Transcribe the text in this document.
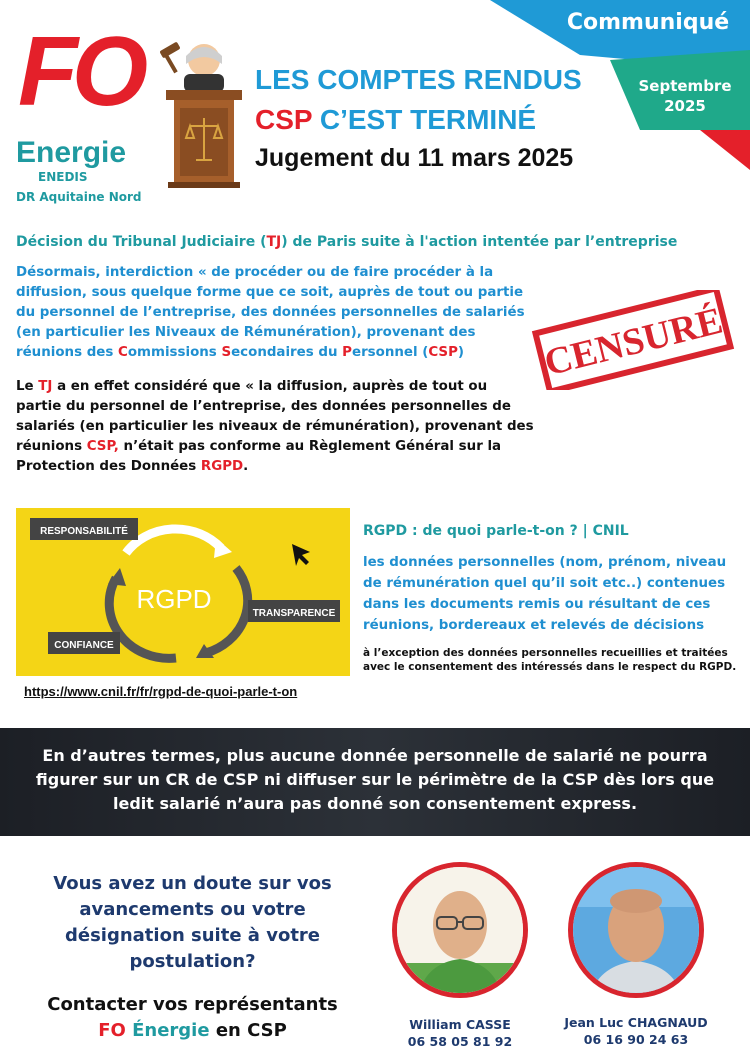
Communiqué
Septembre
2025
FO
Energie
ENEDIS
DR Aquitaine Nord
LES COMPTES RENDUS
CSP C’EST TERMINÉ
Jugement du 11 mars 2025
Décision du Tribunal Judiciaire (TJ) de Paris suite à l'action intentée par l’entreprise
Désormais, interdiction « de procéder ou de faire procéder à la diffusion, sous quelque forme que ce soit, auprès de tout ou partie du personnel de l’entreprise, des données personnelles de salariés (en particulier les Niveaux de Rémunération), provenant des réunions des Commissions Secondaires du Personnel (CSP)	CENSURÉ
Le TJ a en effet considéré que « la diffusion, auprès de tout ou partie du personnel de l’entreprise, des données personnelles de salariés (en particulier les niveaux de rémunération), provenant des réunions CSP, n’était pas conforme au Règlement Général sur la Protection des Données RGPD.
RGPD
RESPONSABILITÉ
TRANSPARENCE
CONFIANCE
https://www.cnil.fr/fr/rgpd-de-quoi-parle-t-on
RGPD : de quoi parle-t-on ? | CNIL
les données personnelles (nom, prénom, niveau de rémunération quel qu’il soit etc..) contenues dans les documents remis ou résultant de ces réunions, bordereaux et relevés de décisions
à l’exception des données personnelles recueillies et traitées avec le consentement des intéressés dans le respect du RGPD.
En d’autres termes, plus aucune donnée personnelle de salarié ne pourra figurer sur un CR de CSP ni diffuser sur le périmètre de la CSP dès lors que ledit salarié n’aura pas donné son consentement express.
Vous avez un doute sur vos avancements ou votre désignation suite à votre postulation?
Contacter vos représentants
FO Énergie en CSP	William CASSE
06 58 05 81 92
Jean Luc CHAGNAUD
06 16 90 24 63
